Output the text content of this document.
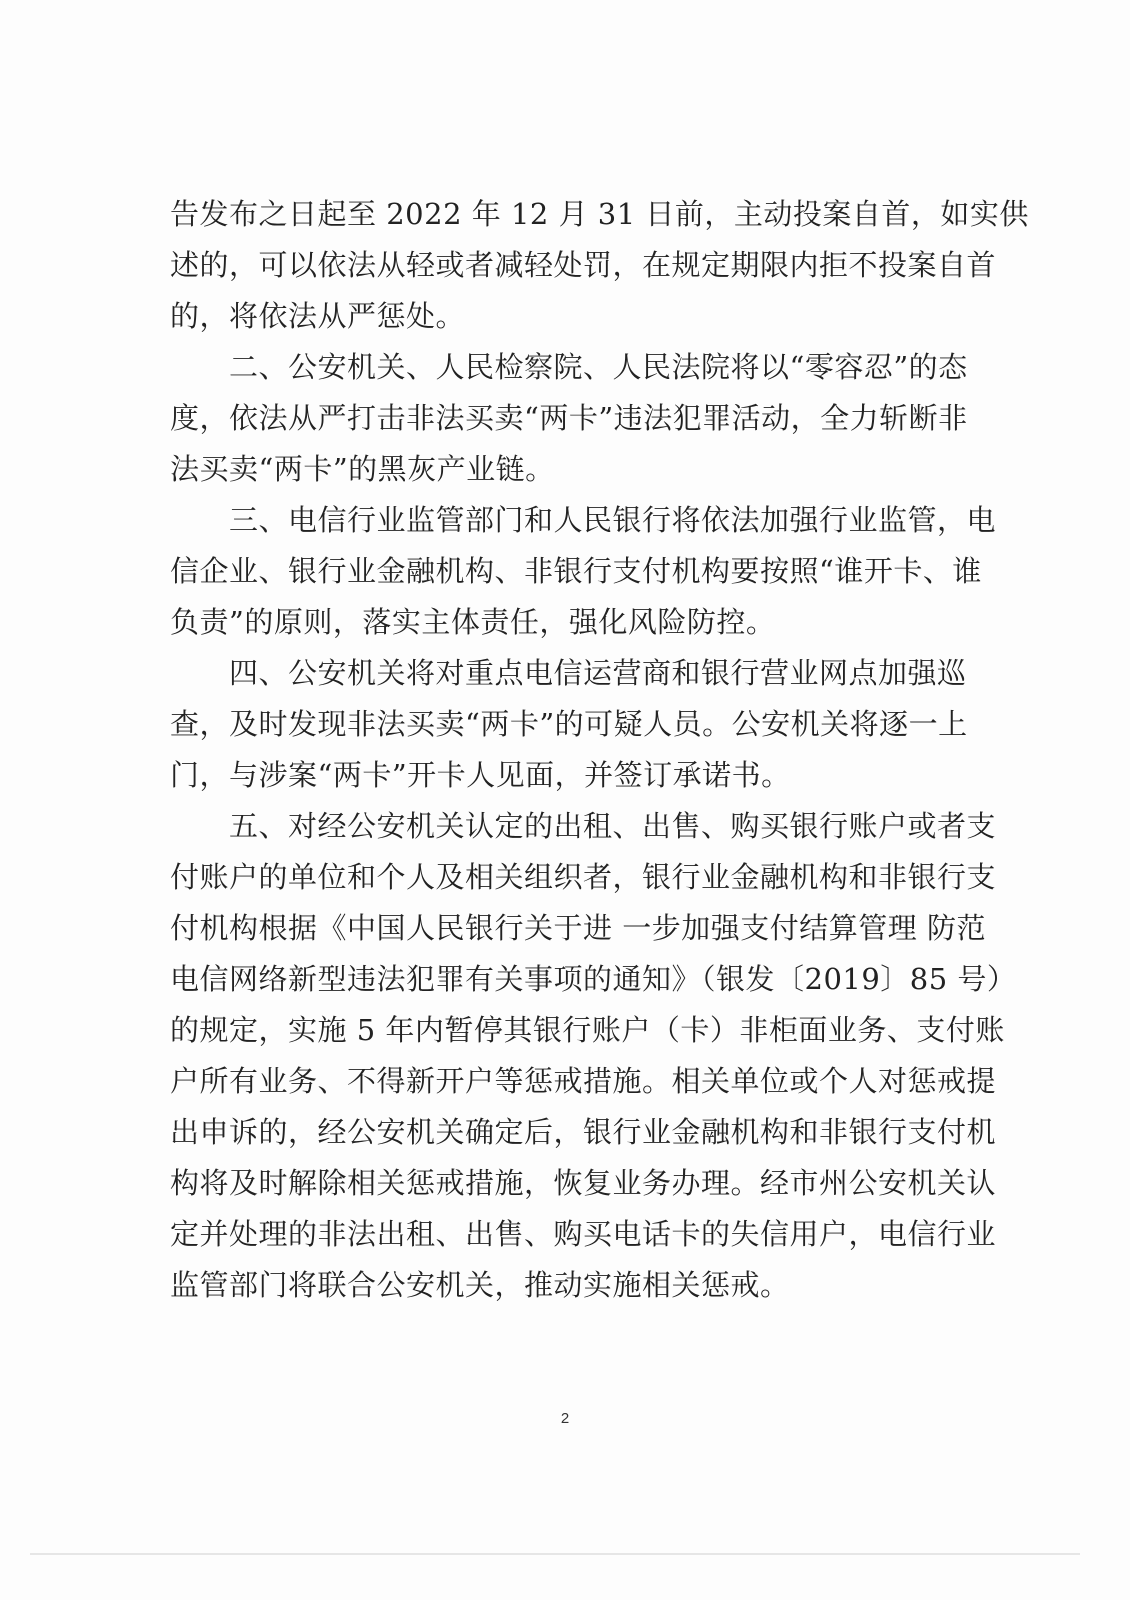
告发布之日起至 2022 年 12 月 31 日前，主动投案自首，如实供
述的，可以依法从轻或者减轻处罚，在规定期限内拒不投案自首
的，将依法从严惩处。
　　二、公安机关、人民检察院、人民法院将以“零容忍”的态
度，依法从严打击非法买卖“两卡”违法犯罪活动，全力斩断非
法买卖“两卡”的黑灰产业链。
　　三、电信行业监管部门和人民银行将依法加强行业监管，电
信企业、银行业金融机构、非银行支付机构要按照“谁开卡、谁
负责”的原则，落实主体责任，强化风险防控。
　　四、公安机关将对重点电信运营商和银行营业网点加强巡
查，及时发现非法买卖“两卡”的可疑人员。公安机关将逐一上
门，与涉案“两卡”开卡人见面，并签订承诺书。
　　五、对经公安机关认定的出租、出售、购买银行账户或者支
付账户的单位和个人及相关组织者，银行业金融机构和非银行支
付机构根据《中国人民银行关于进 一步加强支付结算管理 防范
电信网络新型违法犯罪有关事项的通知》（银发〔2019〕85 号）
的规定，实施 5 年内暂停其银行账户（卡）非柜面业务、支付账
户所有业务、不得新开户等惩戒措施。相关单位或个人对惩戒提
出申诉的，经公安机关确定后，银行业金融机构和非银行支付机
构将及时解除相关惩戒措施，恢复业务办理。经市州公安机关认
定并处理的非法出租、出售、购买电话卡的失信用户，电信行业
监管部门将联合公安机关，推动实施相关惩戒。
2
